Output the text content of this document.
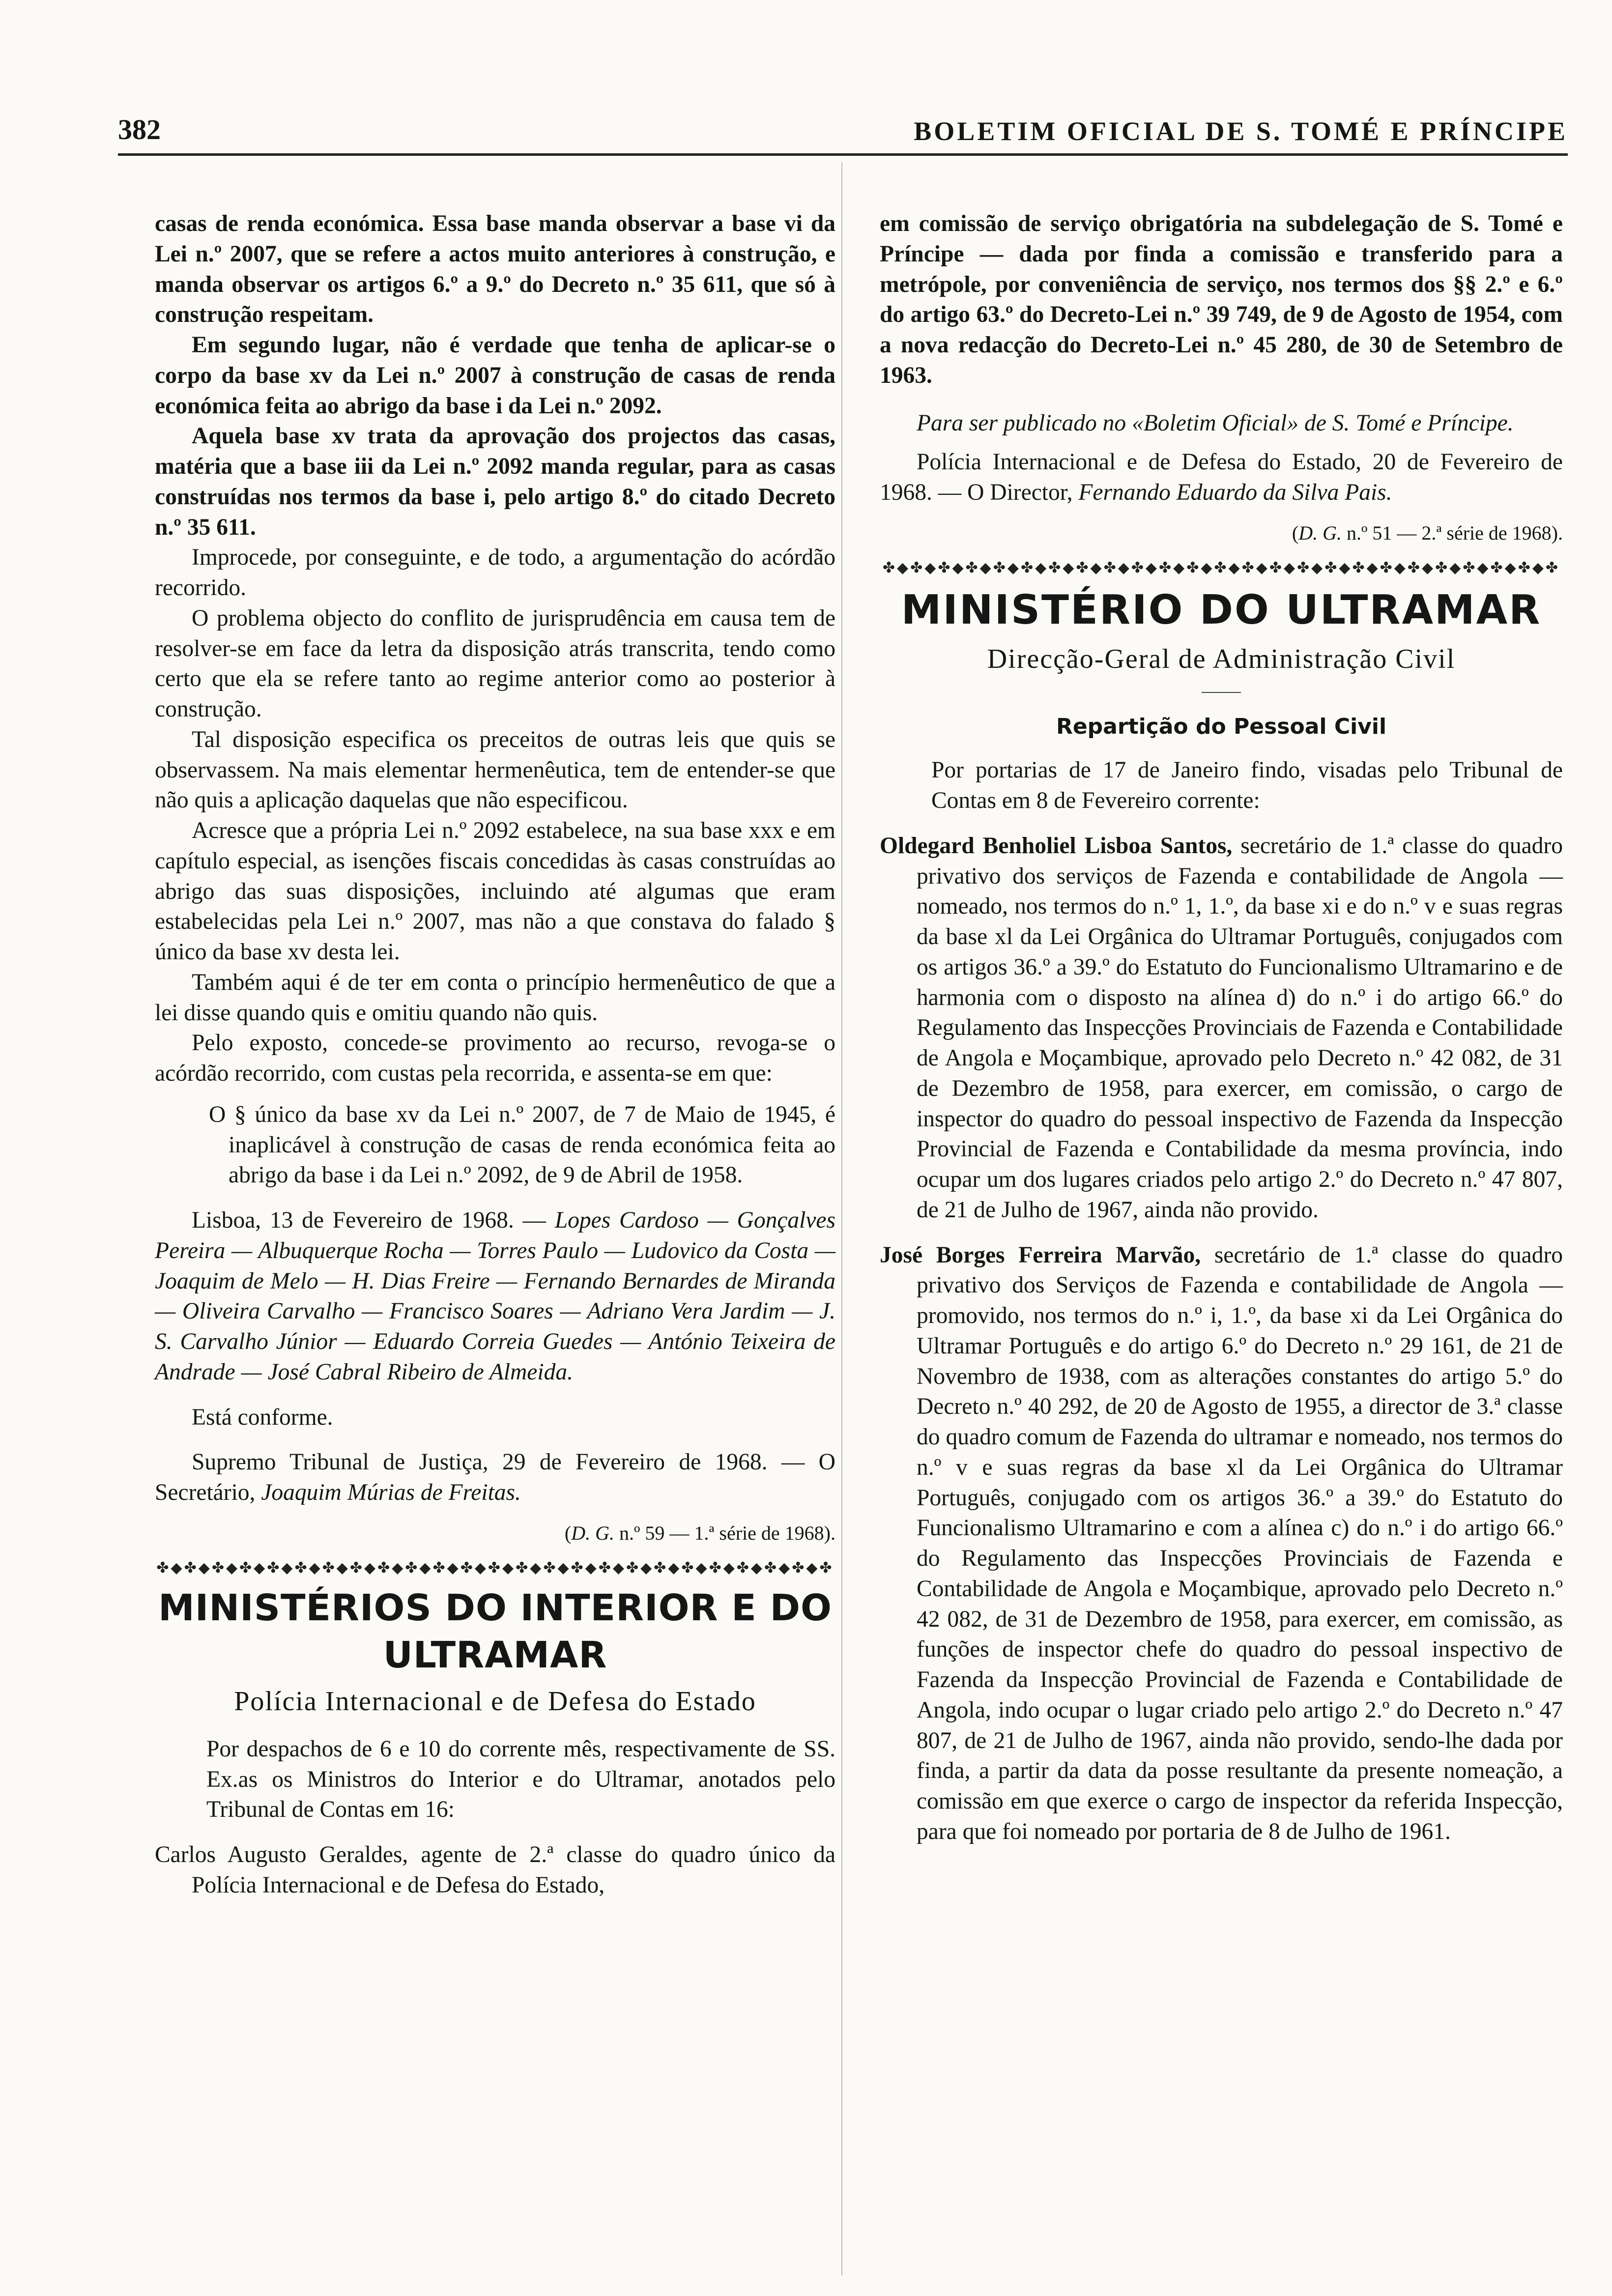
382	BOLETIM OFICIAL DE S. TOMÉ E PRÍNCIPE

casas de renda económica. Essa base manda observar a base vi da Lei n.º 2007, que se refere a actos muito anteriores à construção, e manda observar os artigos 6.º a 9.º do Decreto n.º 35 611, que só à construção respeitam.

Em segundo lugar, não é verdade que tenha de aplicar-se o corpo da base xv da Lei n.º 2007 à construção de casas de renda económica feita ao abrigo da base i da Lei n.º 2092.

Aquela base xv trata da aprovação dos projectos das casas, matéria que a base iii da Lei n.º 2092 manda regular, para as casas construídas nos termos da base i, pelo artigo 8.º do citado Decreto n.º 35 611.

Improcede, por conseguinte, e de todo, a argumentação do acórdão recorrido.

O problema objecto do conflito de jurisprudência em causa tem de resolver-se em face da letra da disposição atrás transcrita, tendo como certo que ela se refere tanto ao regime anterior como ao posterior à construção.

Tal disposição especifica os preceitos de outras leis que quis se observassem. Na mais elementar hermenêutica, tem de entender-se que não quis a aplicação daquelas que não especificou.

Acresce que a própria Lei n.º 2092 estabelece, na sua base xxx e em capítulo especial, as isenções fiscais concedidas às casas construídas ao abrigo das suas disposições, incluindo até algumas que eram estabelecidas pela Lei n.º 2007, mas não a que constava do falado § único da base xv desta lei.

Também aqui é de ter em conta o princípio hermenêutico de que a lei disse quando quis e omitiu quando não quis.

Pelo exposto, concede-se provimento ao recurso, revoga-se o acórdão recorrido, com custas pela recorrida, e assenta-se em que:

O § único da base xv da Lei n.º 2007, de 7 de Maio de 1945, é inaplicável à construção de casas de renda económica feita ao abrigo da base i da Lei n.º 2092, de 9 de Abril de 1958.

Lisboa, 13 de Fevereiro de 1968. — Lopes Cardoso — Gonçalves Pereira — Albuquerque Rocha — Torres Paulo — Ludovico da Costa — Joaquim de Melo — H. Dias Freire — Fernando Bernardes de Miranda — Oliveira Carvalho — Francisco Soares — Adriano Vera Jardim — J. S. Carvalho Júnior — Eduardo Correia Guedes — António Teixeira de Andrade — José Cabral Ribeiro de Almeida.

Está conforme.

Supremo Tribunal de Justiça, 29 de Fevereiro de 1968. — O Secretário, Joaquim Múrias de Freitas.

(D. G. n.º 59 — 1.ª série de 1968).

✤◆✤◆✤◆✤◆✤◆✤◆✤◆✤◆✤◆✤◆✤◆✤◆✤◆✤◆✤◆✤◆✤◆✤◆✤◆✤◆✤◆✤◆✤◆✤◆✤
MINISTÉRIOS DO INTERIOR E DO ULTRAMAR
Polícia Internacional e de Defesa do Estado

Por despachos de 6 e 10 do corrente mês, respectivamente de SS. Ex.as os Ministros do Interior e do Ultramar, anotados pelo Tribunal de Contas em 16:

Carlos Augusto Geraldes, agente de 2.ª classe do quadro único da Polícia Internacional e de Defesa do Estado,

em comissão de serviço obrigatória na subdelegação de S. Tomé e Príncipe — dada por finda a comissão e transferido para a metrópole, por conveniência de serviço, nos termos dos §§ 2.º e 6.º do artigo 63.º do Decreto-Lei n.º 39 749, de 9 de Agosto de 1954, com a nova redacção do Decreto-Lei n.º 45 280, de 30 de Setembro de 1963.

Para ser publicado no «Boletim Oficial» de S. Tomé e Príncipe.

Polícia Internacional e de Defesa do Estado, 20 de Fevereiro de 1968. — O Director, Fernando Eduardo da Silva Pais.

(D. G. n.º 51 — 2.ª série de 1968).

✤◆✤◆✤◆✤◆✤◆✤◆✤◆✤◆✤◆✤◆✤◆✤◆✤◆✤◆✤◆✤◆✤◆✤◆✤◆✤◆✤◆✤◆✤◆✤◆✤
MINISTÉRIO DO ULTRAMAR
Direcção-Geral de Administração Civil
Repartição do Pessoal Civil

Por portarias de 17 de Janeiro findo, visadas pelo Tribunal de Contas em 8 de Fevereiro corrente:

Oldegard Benholiel Lisboa Santos, secretário de 1.ª classe do quadro privativo dos serviços de Fazenda e contabilidade de Angola — nomeado, nos termos do n.º 1, 1.º, da base xi e do n.º v e suas regras da base xl da Lei Orgânica do Ultramar Português, conjugados com os artigos 36.º a 39.º do Estatuto do Funcionalismo Ultramarino e de harmonia com o disposto na alínea d) do n.º i do artigo 66.º do Regulamento das Inspecções Provinciais de Fazenda e Contabilidade de Angola e Moçambique, aprovado pelo Decreto n.º 42 082, de 31 de Dezembro de 1958, para exercer, em comissão, o cargo de inspector do quadro do pessoal inspectivo de Fazenda da Inspecção Provincial de Fazenda e Contabilidade da mesma província, indo ocupar um dos lugares criados pelo artigo 2.º do Decreto n.º 47 807, de 21 de Julho de 1967, ainda não provido.

José Borges Ferreira Marvão, secretário de 1.ª classe do quadro privativo dos Serviços de Fazenda e contabilidade de Angola — promovido, nos termos do n.º i, 1.º, da base xi da Lei Orgânica do Ultramar Português e do artigo 6.º do Decreto n.º 29 161, de 21 de Novembro de 1938, com as alterações constantes do artigo 5.º do Decreto n.º 40 292, de 20 de Agosto de 1955, a director de 3.ª classe do quadro comum de Fazenda do ultramar e nomeado, nos termos do n.º v e suas regras da base xl da Lei Orgânica do Ultramar Português, conjugado com os artigos 36.º a 39.º do Estatuto do Funcionalismo Ultramarino e com a alínea c) do n.º i do artigo 66.º do Regulamento das Inspecções Provinciais de Fazenda e Contabilidade de Angola e Moçambique, aprovado pelo Decreto n.º 42 082, de 31 de Dezembro de 1958, para exercer, em comissão, as funções de inspector chefe do quadro do pessoal inspectivo de Fazenda da Inspecção Provincial de Fazenda e Contabilidade de Angola, indo ocupar o lugar criado pelo artigo 2.º do Decreto n.º 47 807, de 21 de Julho de 1967, ainda não provido, sendo-lhe dada por finda, a partir da data da posse resultante da presente nomeação, a comissão em que exerce o cargo de inspector da referida Inspecção, para que foi nomeado por portaria de 8 de Julho de 1961.
